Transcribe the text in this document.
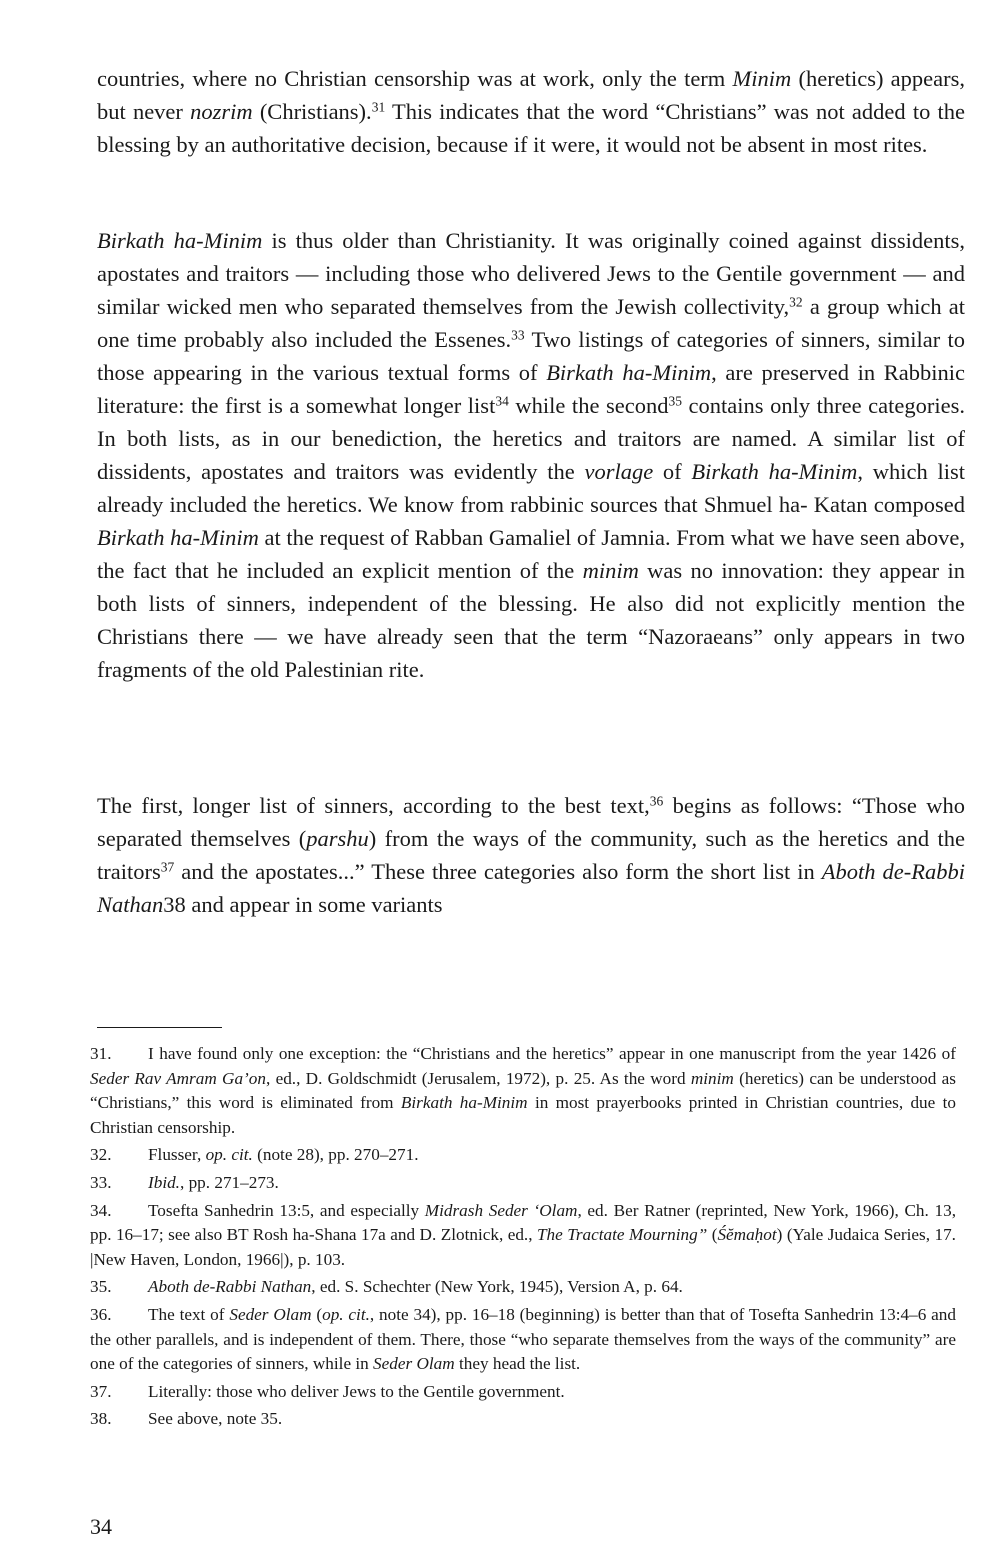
countries, where no Christian censorship was at work, only the term Minim (heretics) appears, but never nozrim (Christians).$^{31}$ This indicates that the word “Christians” was not added to the blessing by an authoritative decision, because if it were, it would not be absent in most rites.

Birkath ha-Minim is thus older than Christianity. It was originally coined against dissidents, apostates and traitors — including those who delivered Jews to the Gentile government — and similar wicked men who separated themselves from the Jewish collectivity,$^{32}$ a group which at one time probably also included the Essenes.$^{33}$ Two listings of categories of sinners, similar to those appearing in the various textual forms of Birkath ha-Minim, are preserved in Rabbinic literature: the first is a somewhat longer list$^{34}$ while the second$^{35}$ contains only three categories. In both lists, as in our benediction, the heretics and traitors are named. A similar list of dissidents, apostates and traitors was evidently the vorlage of Birkath ha-Minim, which list already included the heretics. We know from rabbinic sources that Shmuel ha- Katan composed Birkath ha-Minim at the request of Rabban Gamaliel of Jamnia. From what we have seen above, the fact that he included an explicit mention of the minim was no innovation: they appear in both lists of sinners, independent of the blessing. He also did not explicitly mention the Christians there — we have already seen that the term “Nazoraeans” only appears in two fragments of the old Palestinian rite.

The first, longer list of sinners, according to the best text,$^{36}$ begins as follows: “Those who separated themselves (parshu) from the ways of the community, such as the heretics and the traitors$^{37}$ and the apostates...” These three categories also form the short list in Aboth de-Rabbi Nathan38 and appear in some variants

31. I have found only one exception: the “Christians and the heretics” appear in one manuscript from the year 1426 of Seder Rav Amram Ga’on, ed., D. Goldschmidt (Jerusalem, 1972), p. 25. As the word minim (heretics) can be understood as “Christians,” this word is eliminated from Birkath ha-Minim in most prayerbooks printed in Christian countries, due to Christian censorship.

32. Flusser, op. cit. (note 28), pp. 270–271.

33. Ibid., pp. 271–273.

34. Tosefta Sanhedrin 13:5, and especially Midrash Seder ‘Olam, ed. Ber Ratner (reprinted, New York, 1966), Ch. 13, pp. 16–17; see also BT Rosh ha-Shana 17a and D. Zlotnick, ed., The Tractate Mourning” (Śĕmaḥot) (Yale Judaica Series, 17. |New Haven, London, 1966|), p. 103.

35. Aboth de-Rabbi Nathan, ed. S. Schechter (New York, 1945), Version A, p. 64.

36. The text of Seder Olam (op. cit., note 34), pp. 16–18 (beginning) is better than that of Tosefta Sanhedrin 13:4–6 and the other parallels, and is independent of them. There, those “who separate themselves from the ways of the community” are one of the categories of sinners, while in Seder Olam they head the list.

37. Literally: those who deliver Jews to the Gentile government.

38. See above, note 35.

34
